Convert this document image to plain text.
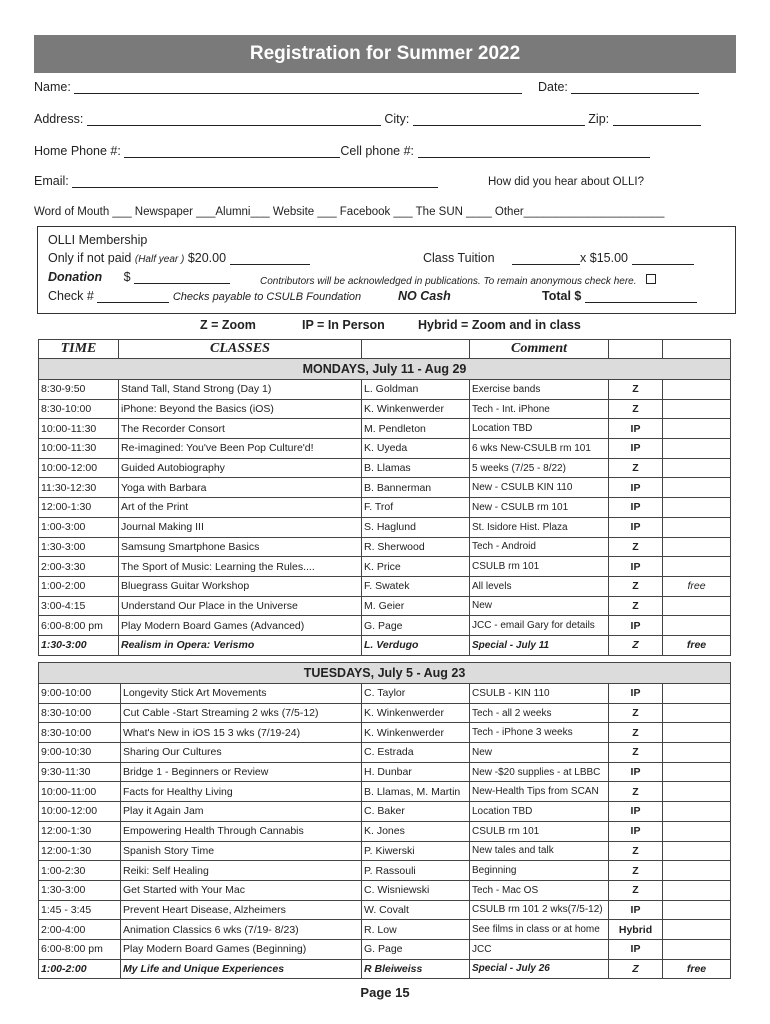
Registration for Summer 2022
Name:	Date:
Address:	City:	Zip:
Home Phone #:	Cell phone #:
Email:	How did you hear about OLLI?
Word of Mouth ___ Newspaper ___Alumni___ Website ___ Facebook ___ The SUN ____ Other______________________
OLLI Membership
Only if not paid (Half year ) $20.00	Class Tuition	x $15.00
Donation $	Contributors will be acknowledged in publications. To remain anonymous check here.
Check #	Checks payable to CSULB Foundation	NO Cash	Total $
Z = Zoom	IP = In Person	Hybrid = Zoom and in class
TIME	CLASSES		Comment		
MONDAYS, July 11 - Aug 29					
8:30-9:50	Stand Tall, Stand Strong (Day 1)	L. Goldman	Exercise bands	Z	
8:30-10:00	iPhone: Beyond the Basics (iOS)	K. Winkenwerder	Tech - Int. iPhone	Z	
10:00-11:30	The Recorder Consort	M. Pendleton	Location TBD	IP	
10:00-11:30	Re-imagined: You've Been Pop Culture'd!	K. Uyeda	6 wks New-CSULB rm 101	IP	
10:00-12:00	Guided Autobiography	B. Llamas	5 weeks (7/25 - 8/22)	Z	
11:30-12:30	Yoga with Barbara	B. Bannerman	New - CSULB KIN 110	IP	
12:00-1:30	Art of the Print	F. Trof	New - CSULB rm 101	IP	
1:00-3:00	Journal Making III	S. Haglund	St. Isidore Hist. Plaza	IP	
1:30-3:00	Samsung Smartphone Basics	R. Sherwood	Tech - Android	Z	
2:00-3:30	The Sport of Music: Learning the Rules....	K. Price	CSULB rm 101	IP	
1:00-2:00	Bluegrass Guitar Workshop	F. Swatek	All levels	Z	free
3:00-4:15	Understand Our Place in the Universe	M. Geier	New	Z	
6:00-8:00 pm	Play Modern Board Games (Advanced)	G. Page	JCC - email Gary for details	IP	
1:30-3:00	Realism in Opera: Verismo	L. Verdugo	Special - July 11	Z	free
TUESDAYS, July 5 - Aug 23					
9:00-10:00	Longevity Stick Art Movements	C. Taylor	CSULB - KIN 110	IP	
8:30-10:00	Cut Cable -Start Streaming 2 wks (7/5-12)	K. Winkenwerder	Tech - all 2 weeks	Z	
8:30-10:00	What's New in iOS 15 3 wks (7/19-24)	K. Winkenwerder	Tech - iPhone 3 weeks	Z	
9:00-10:30	Sharing Our Cultures	C. Estrada	New	Z	
9:30-11:30	Bridge 1 - Beginners or Review	H. Dunbar	New -$20 supplies - at LBBC	IP	
10:00-11:00	Facts for Healthy Living	B. Llamas, M. Martin	New-Health Tips from SCAN	Z	
10:00-12:00	Play it Again Jam	C. Baker	Location TBD	IP	
12:00-1:30	Empowering Health Through Cannabis	K. Jones	CSULB rm 101	IP	
12:00-1:30	Spanish Story Time	P. Kiwerski	New tales and talk	Z	
1:00-2:30	Reiki: Self Healing	P. Rassouli	Beginning	Z	
1:30-3:00	Get Started with Your Mac	C. Wisniewski	Tech - Mac OS	Z	
1:45 - 3:45	Prevent Heart Disease, Alzheimers	W. Covalt	CSULB rm 101 2 wks(7/5-12)	IP	
2:00-4:00	Animation Classics 6 wks (7/19- 8/23)	R. Low	See films in class or at home	Hybrid	
6:00-8:00 pm	Play Modern Board Games (Beginning)	G. Page	JCC	IP	
1:00-2:00	My Life and Unique Experiences	R Bleiweiss	Special - July 26	Z	free
Page 15
